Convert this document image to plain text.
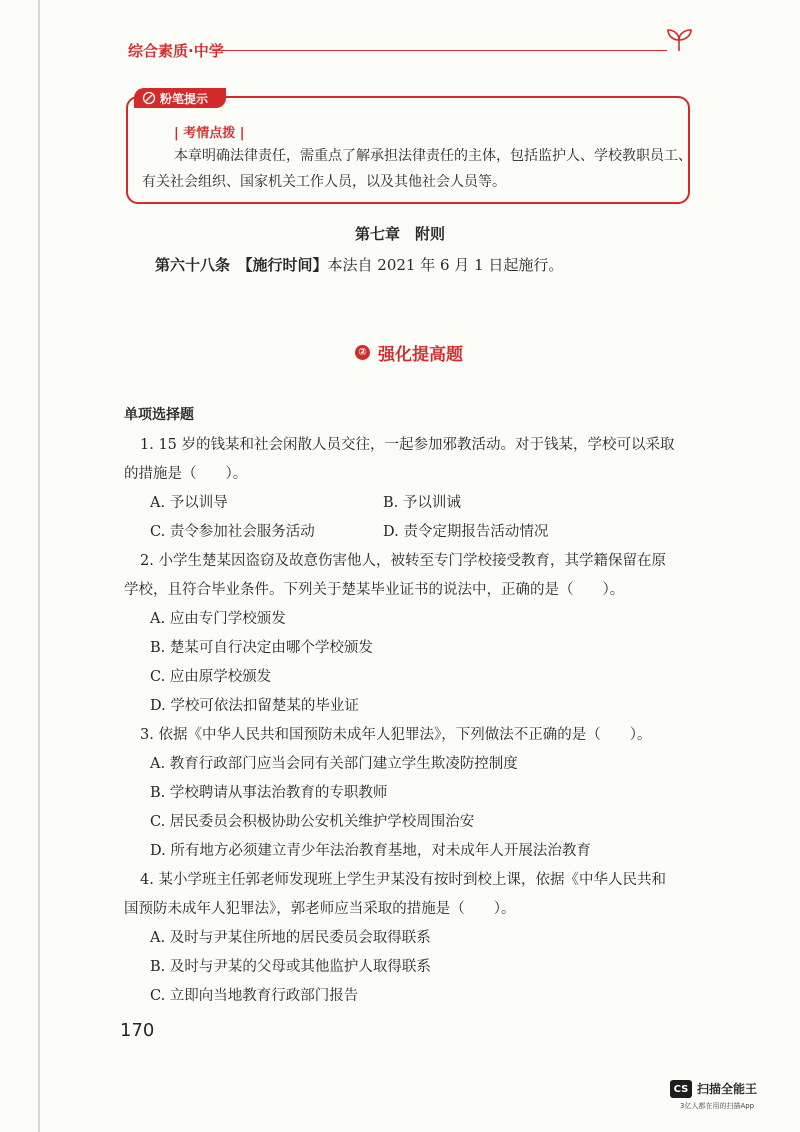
综合素质·中学
粉笔提示
| 考情点拨 |
本章明确法律责任，需重点了解承担法律责任的主体，包括监护人、学校教职员工、
有关社会组织、国家机关工作人员，以及其他社会人员等。
第七章　附则
第六十八条　【施行时间】本法自 2021 年 6 月 1 日起施行。
② 强化提高题
单项选择题
1. 15 岁的钱某和社会闲散人员交往，一起参加邪教活动。对于钱某，学校可以采取
的措施是（　　）。
A. 予以训导	B. 予以训诫
C. 责令参加社会服务活动	D. 责令定期报告活动情况
2. 小学生楚某因盗窃及故意伤害他人，被转至专门学校接受教育，其学籍保留在原
学校，且符合毕业条件。下列关于楚某毕业证书的说法中，正确的是（　　）。
A. 应由专门学校颁发
B. 楚某可自行决定由哪个学校颁发
C. 应由原学校颁发
D. 学校可依法扣留楚某的毕业证
3. 依据《中华人民共和国预防未成年人犯罪法》，下列做法不正确的是（　　）。
A. 教育行政部门应当会同有关部门建立学生欺凌防控制度
B. 学校聘请从事法治教育的专职教师
C. 居民委员会积极协助公安机关维护学校周围治安
D. 所有地方必须建立青少年法治教育基地，对未成年人开展法治教育
4. 某小学班主任郭老师发现班上学生尹某没有按时到校上课，依据《中华人民共和
国预防未成年人犯罪法》，郭老师应当采取的措施是（　　）。
A. 及时与尹某住所地的居民委员会取得联系
B. 及时与尹某的父母或其他监护人取得联系
C. 立即向当地教育行政部门报告
170
CS 扫描全能王
3亿人都在用的扫描App
